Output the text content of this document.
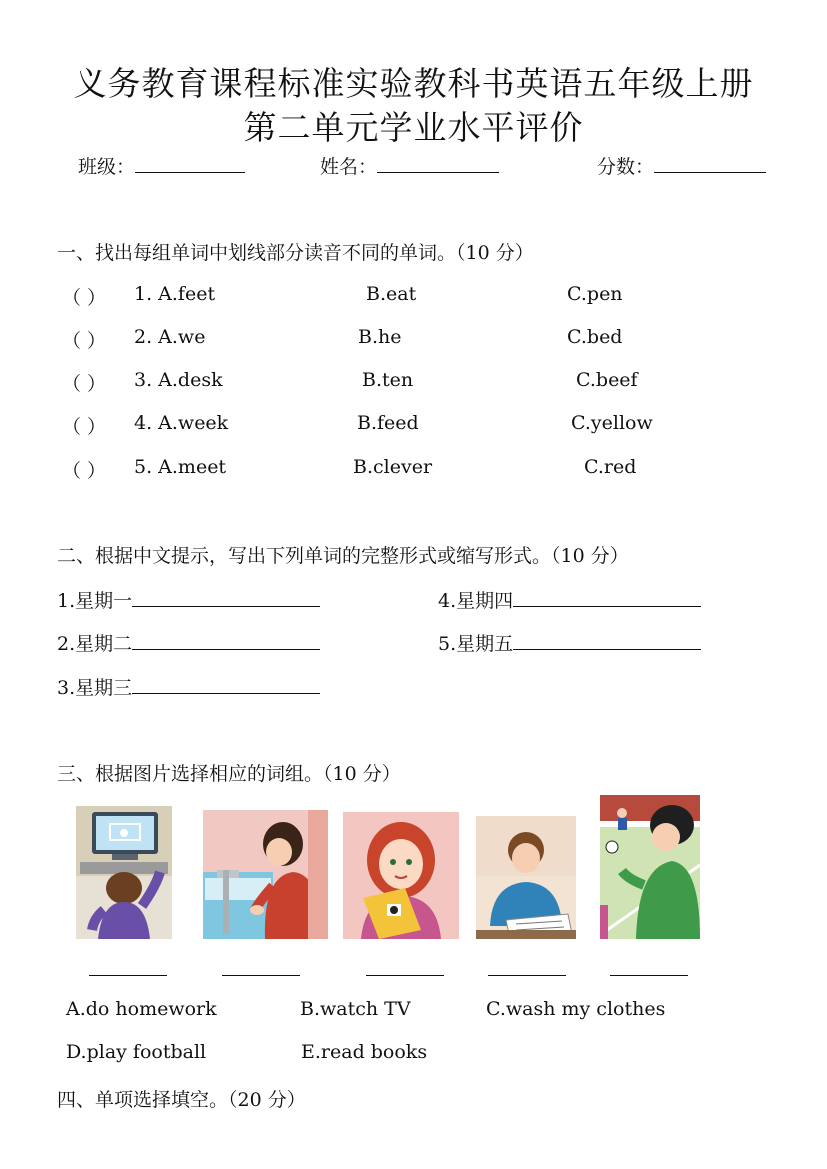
义务教育课程标准实验教科书英语五年级上册
第二单元学业水平评价
班级：	姓名：	分数：
一、找出每组单词中划线部分读音不同的单词。（10 分）
（ ） 1. A.feet	B.eat	C.pen
（ ） 2. A.we	B.he	C.bed
（ ） 3. A.desk	B.ten	C.beef
（ ） 4. A.week	B.feed	C.yellow
（ ） 5. A.meet	B.clever	C.red
二、根据中文提示，写出下列单词的完整形式或缩写形式。（10 分）
1.星期一	4.星期四
2.星期二	5.星期五
3.星期三
三、根据图片选择相应的词组。（10 分）
A.do homework	B.watch TV	C.wash my clothes
D.play football	E.read books
四、单项选择填空。（20 分）
